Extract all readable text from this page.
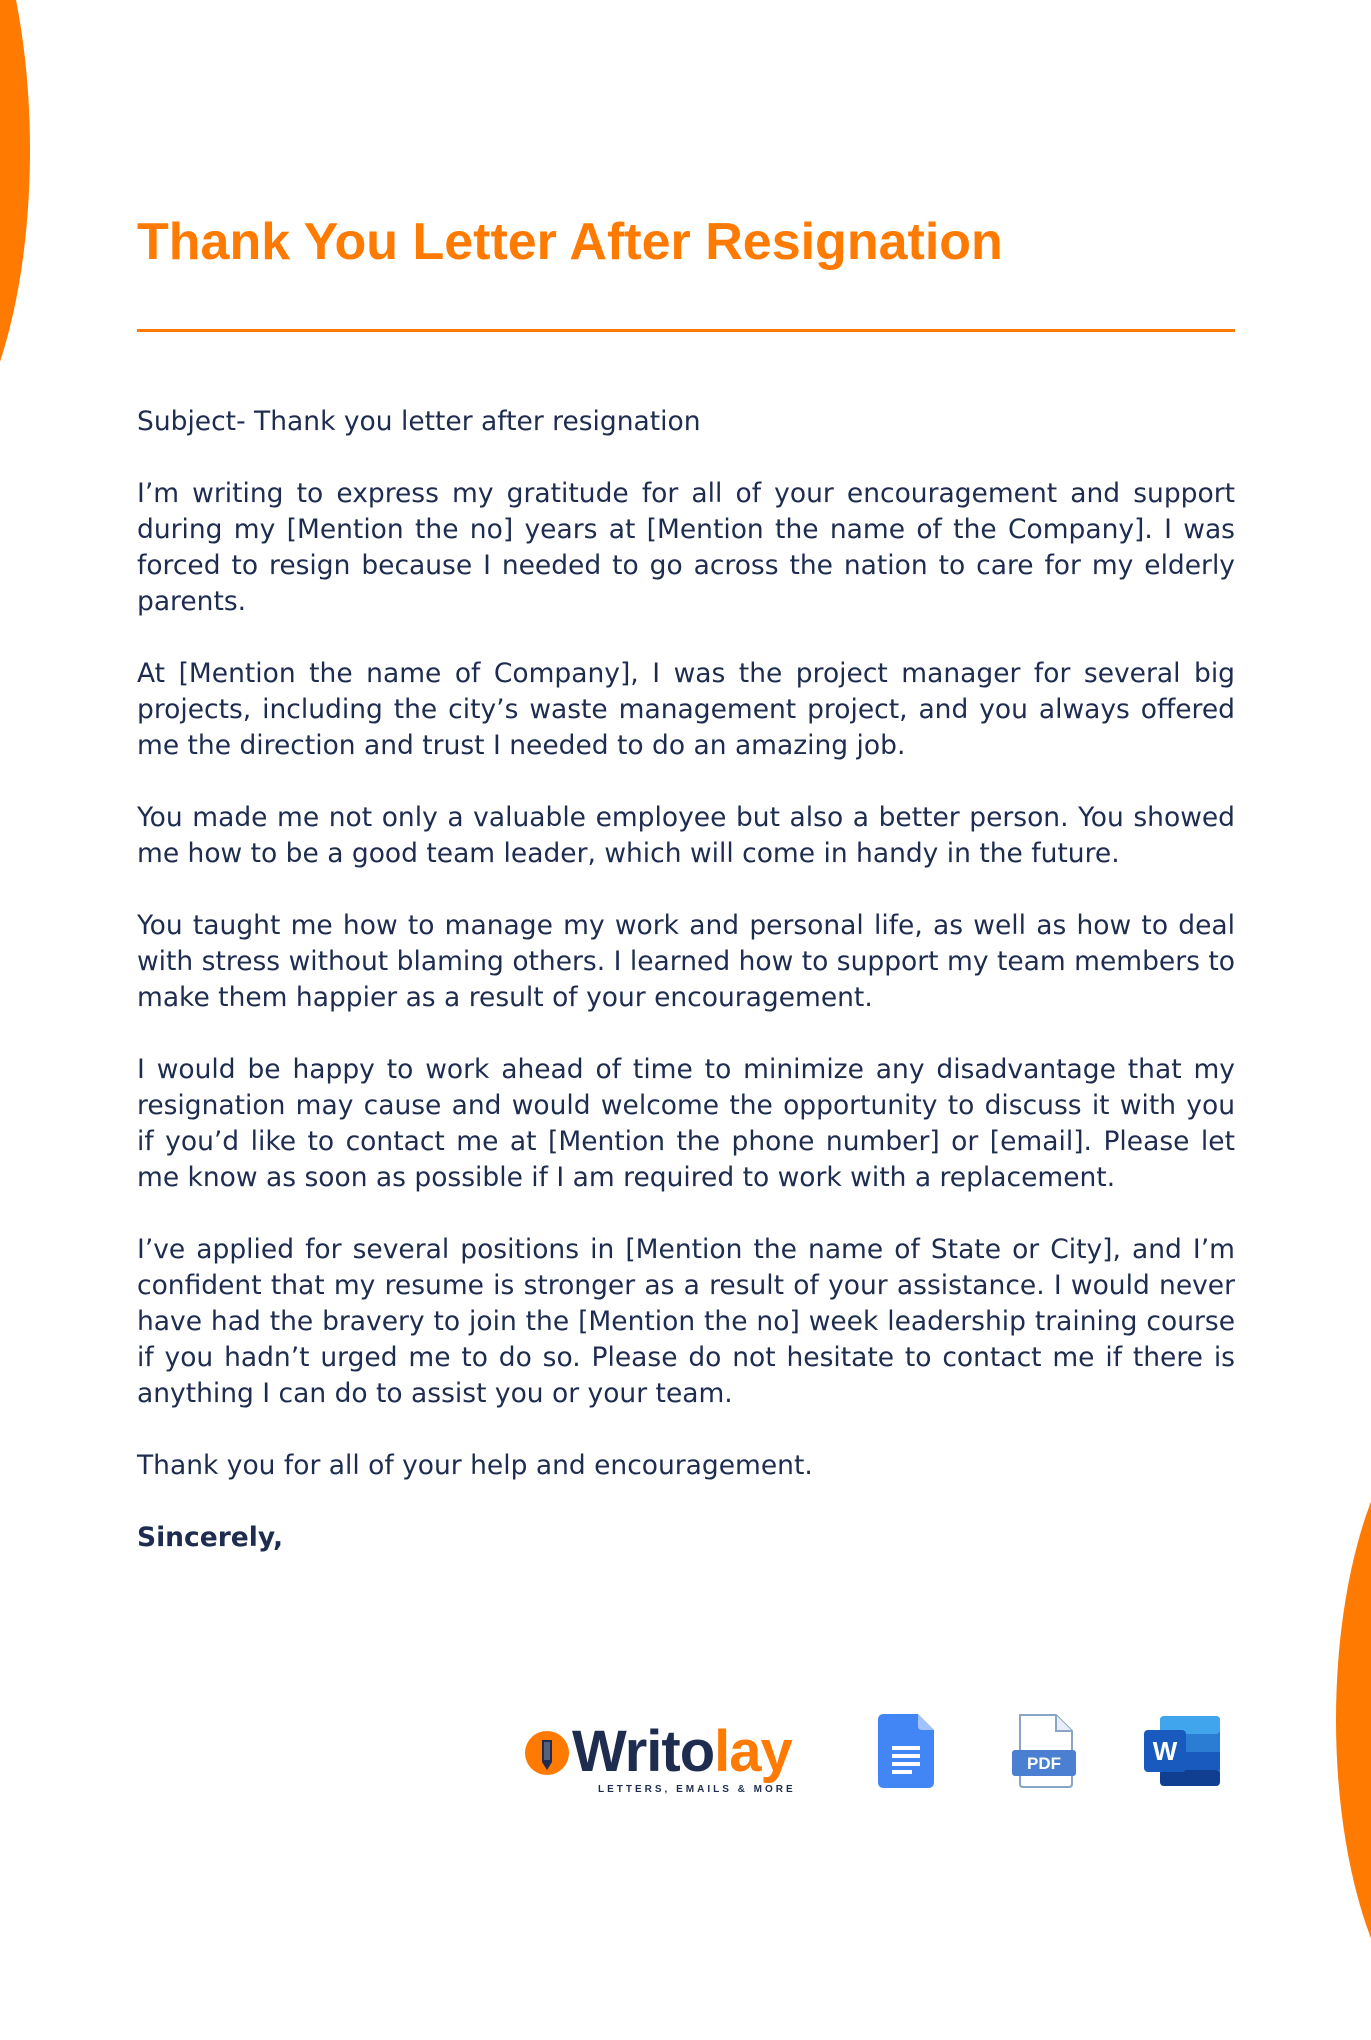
Thank You Letter After Resignation

Subject- Thank you letter after resignation

I’m writing to express my gratitude for all of your encouragement and support during my [Mention the no] years at [Mention the name of the Company]. I was forced to resign because I needed to go across the nation to care for my elderly parents.

At [Mention the name of Company], I was the project manager for several big projects, including the city’s waste management project, and you always offered me the direction and trust I needed to do an amazing job.

You made me not only a valuable employee but also a better person. You showed me how to be a good team leader, which will come in handy in the future.

You taught me how to manage my work and personal life, as well as how to deal with stress without blaming others. I learned how to support my team members to make them happier as a result of your encouragement.

I would be happy to work ahead of time to minimize any disadvantage that my resignation may cause and would welcome the opportunity to discuss it with you if you’d like to contact me at [Mention the phone number] or [email]. Please let me know as soon as possible if I am required to work with a replacement.

I’ve applied for several positions in [Mention the name of State or City], and I’m confident that my resume is stronger as a result of your assistance. I would never have had the bravery to join the [Mention the no] week leadership training course if you hadn’t urged me to do so. Please do not hesitate to contact me if there is anything I can do to assist you or your team.

Thank you for all of your help and encouragement.

Sincerely,

Writolay
LETTERS, EMAILS & MORE
PDF	W
